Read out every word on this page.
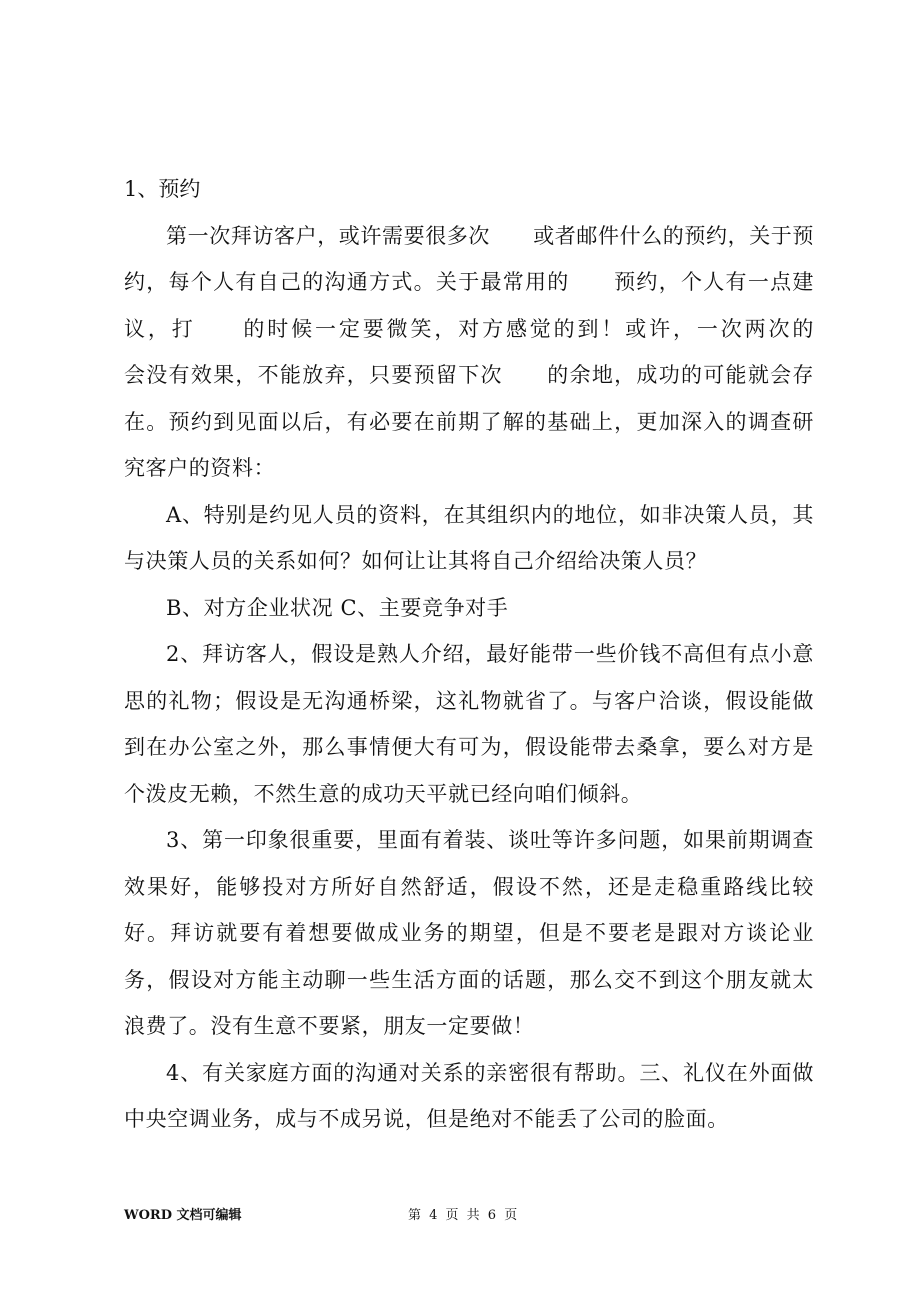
1、预约

第一次拜访客户，或许需要很多次　　或者邮件什么的预约，关于预约，每个人有自己的沟通方式。关于最常用的　　预约，个人有一点建议，打　　的时候一定要微笑，对方感觉的到！或许，一次两次的　　会没有效果，不能放弃，只要预留下次　　的余地，成功的可能就会存在。预约到见面以后，有必要在前期了解的基础上，更加深入的调查研究客户的资料：

A、特别是约见人员的资料，在其组织内的地位，如非决策人员，其与决策人员的关系如何？如何让让其将自己介绍给决策人员？

B、对方企业状况 C、主要竞争对手

2、拜访客人，假设是熟人介绍，最好能带一些价钱不高但有点小意思的礼物；假设是无沟通桥梁，这礼物就省了。与客户洽谈，假设能做到在办公室之外，那么事情便大有可为，假设能带去桑拿，要么对方是个泼皮无赖，不然生意的成功天平就已经向咱们倾斜。

3、第一印象很重要，里面有着装、谈吐等许多问题，如果前期调查效果好，能够投对方所好自然舒适，假设不然，还是走稳重路线比较好。拜访就要有着想要做成业务的期望，但是不要老是跟对方谈论业务，假设对方能主动聊一些生活方面的话题，那么交不到这个朋友就太浪费了。没有生意不要紧，朋友一定要做！

4、有关家庭方面的沟通对关系的亲密很有帮助。三、礼仪在外面做中央空调业务，成与不成另说，但是绝对不能丢了公司的脸面。

WORD 文档可编辑	第 4 页 共 6 页
